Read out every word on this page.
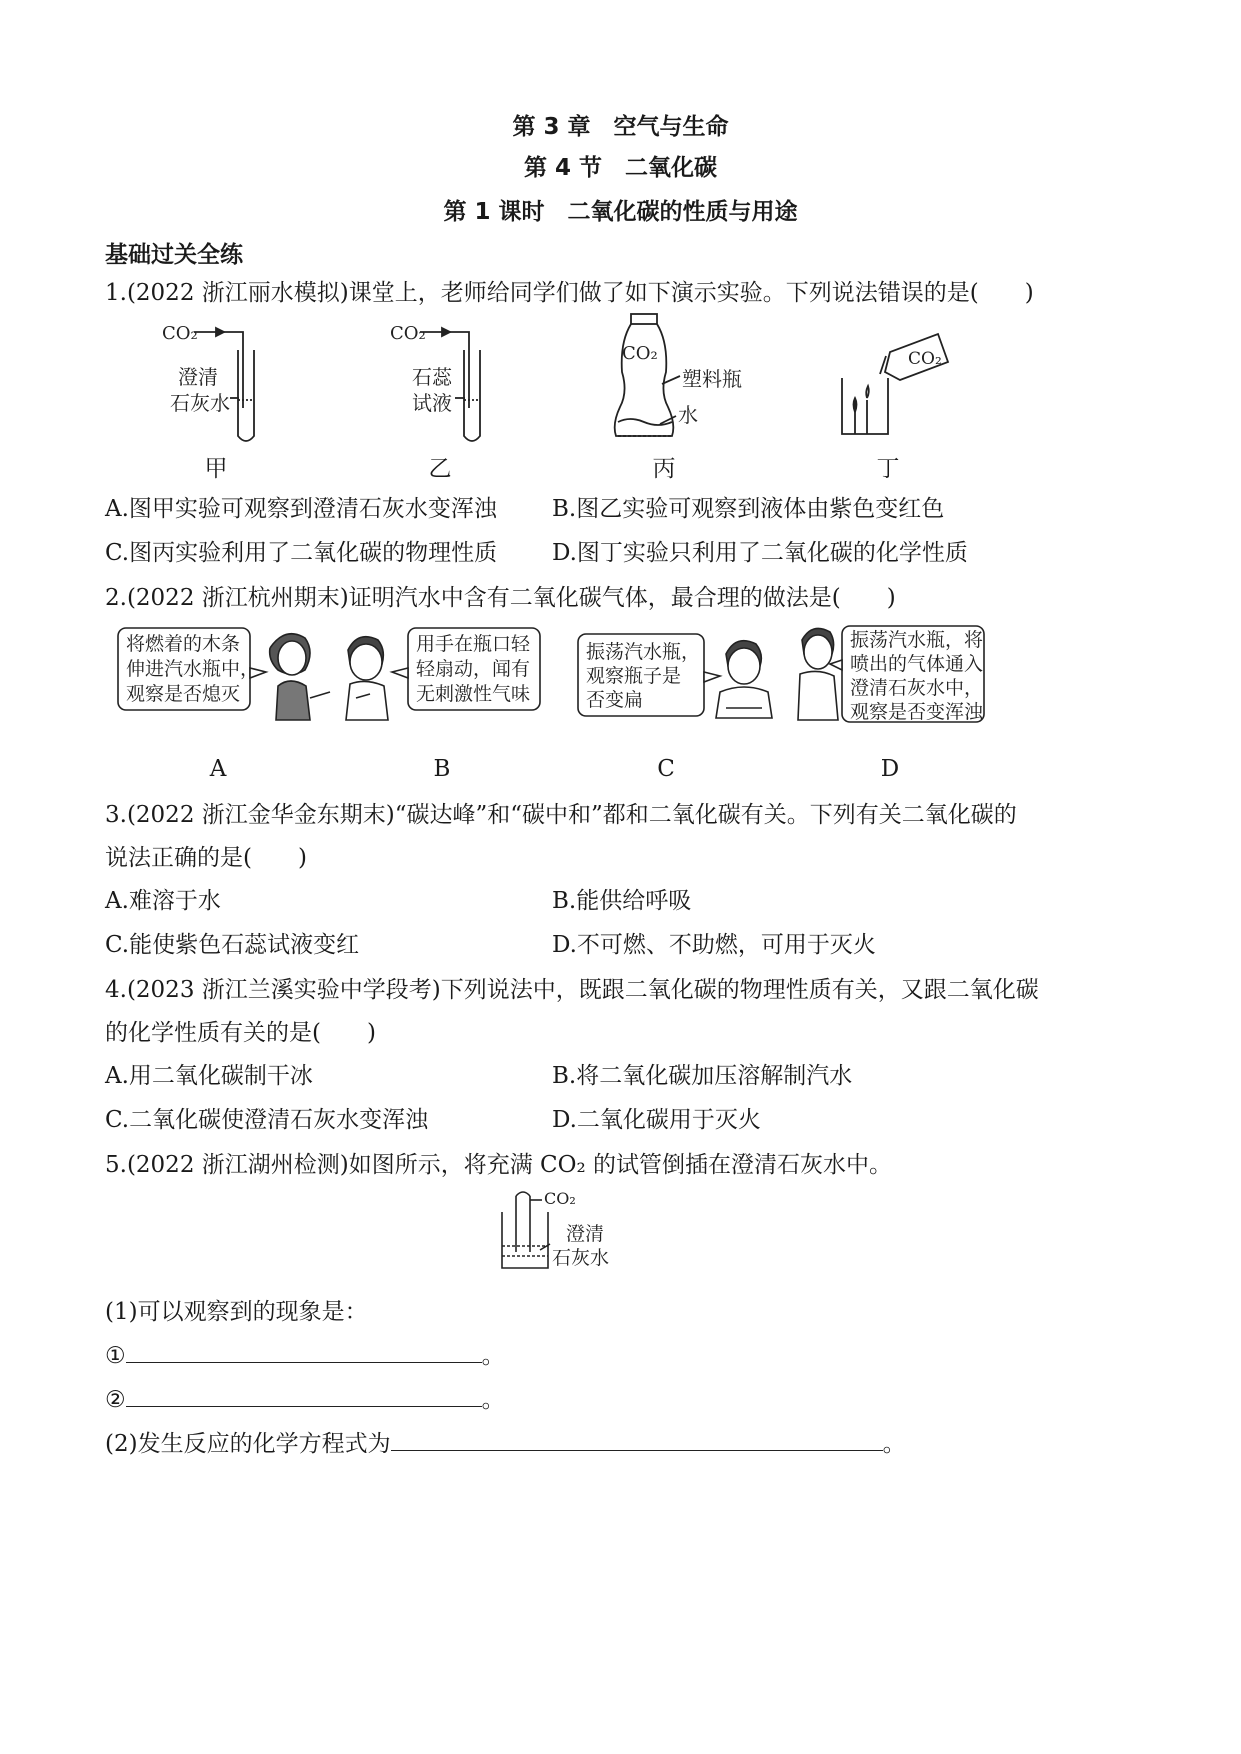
第 3 章　空气与生命
第 4 节　二氧化碳
第 1 课时　二氧化碳的性质与用途
基础过关全练
1.(2022 浙江丽水模拟)课堂上，老师给同学们做了如下演示实验。下列说法错误的是(　　)
CO₂
澄清
石灰水
CO₂
石蕊
试液
CO₂
塑料瓶
水
CO₂
甲	乙	丙	丁
A.图甲实验可观察到澄清石灰水变浑浊 B.图乙实验可观察到液体由紫色变红色
C.图丙实验利用了二氧化碳的物理性质 D.图丁实验只利用了二氧化碳的化学性质
2.(2022 浙江杭州期末)证明汽水中含有二氧化碳气体，最合理的做法是(　　)
将燃着的木条
伸进汽水瓶中，
观察是否熄灭
用手在瓶口轻
轻扇动，闻有
无刺激性气味
振荡汽水瓶，
观察瓶子是
否变扁
振荡汽水瓶，将
喷出的气体通入
澄清石灰水中，
观察是否变浑浊
A	B	C	D
3.(2022 浙江金华金东期末)“碳达峰”和“碳中和”都和二氧化碳有关。下列有关二氧化碳的
说法正确的是(　　)
A.难溶于水	B.能供给呼吸
C.能使紫色石蕊试液变红	D.不可燃、不助燃，可用于灭火
4.(2023 浙江兰溪实验中学段考)下列说法中，既跟二氧化碳的物理性质有关，又跟二氧化碳
的化学性质有关的是(　　)
A.用二氧化碳制干冰	B.将二氧化碳加压溶解制汽水
C.二氧化碳使澄清石灰水变浑浊	D.二氧化碳用于灭火
5.(2022 浙江湖州检测)如图所示，将充满 CO₂ 的试管倒插在澄清石灰水中。
CO₂
澄清
石灰水
(1)可以观察到的现象是：
①	。
②	。
(2)发生反应的化学方程式为	。
